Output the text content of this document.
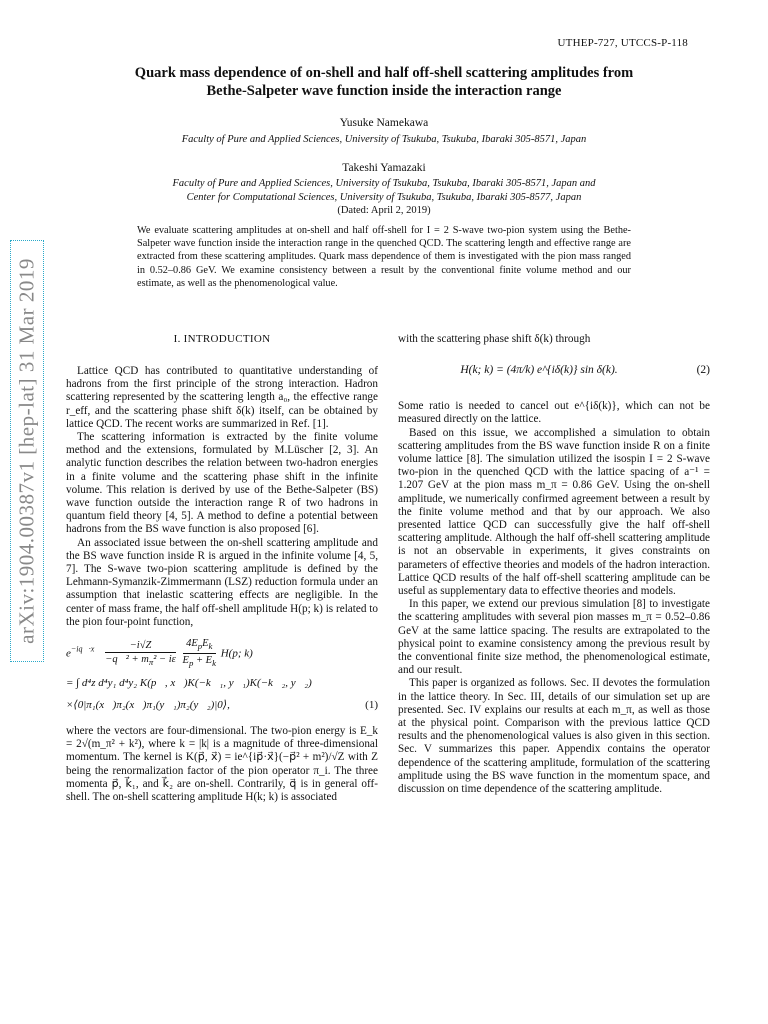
UTHEP-727, UTCCS-P-118
arXiv:1904.00387v1 [hep-lat] 31 Mar 2019
Quark mass dependence of on-shell and half off-shell scattering amplitudes from
Bethe-Salpeter wave function inside the interaction range
Yusuke Namekawa
Faculty of Pure and Applied Sciences, University of Tsukuba, Tsukuba, Ibaraki 305-8571, Japan
Takeshi Yamazaki
Faculty of Pure and Applied Sciences, University of Tsukuba, Tsukuba, Ibaraki 305-8571, Japan and
Center for Computational Sciences, University of Tsukuba, Tsukuba, Ibaraki 305-8577, Japan
(Dated: April 2, 2019)
We evaluate scattering amplitudes at on-shell and half off-shell for I = 2 S-wave two-pion system using the Bethe-Salpeter wave function inside the interaction range in the quenched QCD. The scattering length and effective range are extracted from these scattering amplitudes. Quark mass dependence of them is investigated with the pion mass ranged in 0.52–0.86 GeV. We examine consistency between a result by the conventional finite volume method and our estimate, as well as the phenomenological value.
I. INTRODUCTION

Lattice QCD has contributed to quantitative understanding of hadrons from the first principle of the strong interaction. Hadron scattering represented by the scattering length a₀, the effective range r_eff, and the scattering phase shift δ(k) itself, can be obtained by lattice QCD. The recent works are summarized in Ref. [1].

The scattering information is extracted by the finite volume method and the extensions, formulated by M.Lüscher [2, 3]. An analytic function describes the relation between two-hadron energies in a finite volume and the scattering phase shift in the infinite volume. This relation is derived by use of the Bethe-Salpeter (BS) wave function outside the interaction range R of two hadrons in quantum field theory [4, 5]. A method to define a potential between hadrons from the BS wave function is also proposed [6].

An associated issue between the on-shell scattering amplitude and the BS wave function inside R is argued in the infinite volume [4, 5, 7]. The S-wave two-pion scattering amplitude is defined by the Lehmann-Symanzik-Zimmermann (LSZ) reduction formula under an assumption that inelastic scattering effects are negligible. In the center of mass frame, the half off-shell amplitude H(p; k) is related to the pion four-point function,

$e^{-iq⃗\cdot x⃗} \frac{-i√Z}{-q⃗^2 + m_\pi^2 - i\varepsilon}$
$\frac{4E_pE_k}{E_p + E_k} H(p$; k)
= ∫ d⁴z d⁴y₁ d⁴y₂ K(p⃗, x⃗)K(−k⃗₁, y⃗₁)K(−k⃗₂, y⃗₂)
×⟨0|π₁(x⃗)π₂(x⃗)π₁(y⃗₁)π₂(y⃗₂)|0⟩,	(1)

where the vectors are four-dimensional. The two-pion energy is E_k = 2√(m_π² + k²), where k = |k| is a magnitude of three-dimensional momentum. The kernel is K(p⃗, x⃗) = ie^{ip⃗·x⃗}(−p⃗² + m²)/√Z with Z being the renormalization factor of the pion operator π_i. The three momenta p⃗, k⃗₁, and k⃗₂ are on-shell. Contrarily, q⃗ is in general off-shell. The on-shell scattering amplitude H(k; k) is associated

with the scattering phase shift δ(k) through

H(k; k) = (4π/k) e^{iδ(k)} sin δ(k).	(2)

Some ratio is needed to cancel out e^{iδ(k)}, which can not be measured directly on the lattice.

Based on this issue, we accomplished a simulation to obtain scattering amplitudes from the BS wave function inside R on a finite volume lattice [8]. The simulation utilized the isospin I = 2 S-wave two-pion in the quenched QCD with the lattice spacing of a⁻¹ = 1.207 GeV at the pion mass m_π = 0.86 GeV. Using the on-shell amplitude, we numerically confirmed agreement between a result by the finite volume method and that by our approach. We also presented lattice QCD can successfully give the half off-shell scattering amplitude. Although the half off-shell scattering amplitude is not an observable in experiments, it gives constraints on parameters of effective theories and models of the hadron interaction. Lattice QCD results of the half off-shell scattering amplitude can be useful as supplementary data to effective theories and models.

In this paper, we extend our previous simulation [8] to investigate the scattering amplitudes with several pion masses m_π = 0.52–0.86 GeV at the same lattice spacing. The results are extrapolated to the physical point to examine consistency among the previous result by the conventional finite size method, the phenomenological estimate, and our result.

This paper is organized as follows. Sec. II devotes the formulation in the lattice theory. In Sec. III, details of our simulation set up are presented. Sec. IV explains our results at each m_π, as well as those at the physical point. Comparison with the previous lattice QCD results and the phenomenological values is also given in this section. Sec. V summarizes this paper. Appendix contains the operator dependence of the scattering amplitude, formulation of the scattering amplitude using the BS wave function in the momentum space, and discussion on time dependence of the scattering amplitude.
